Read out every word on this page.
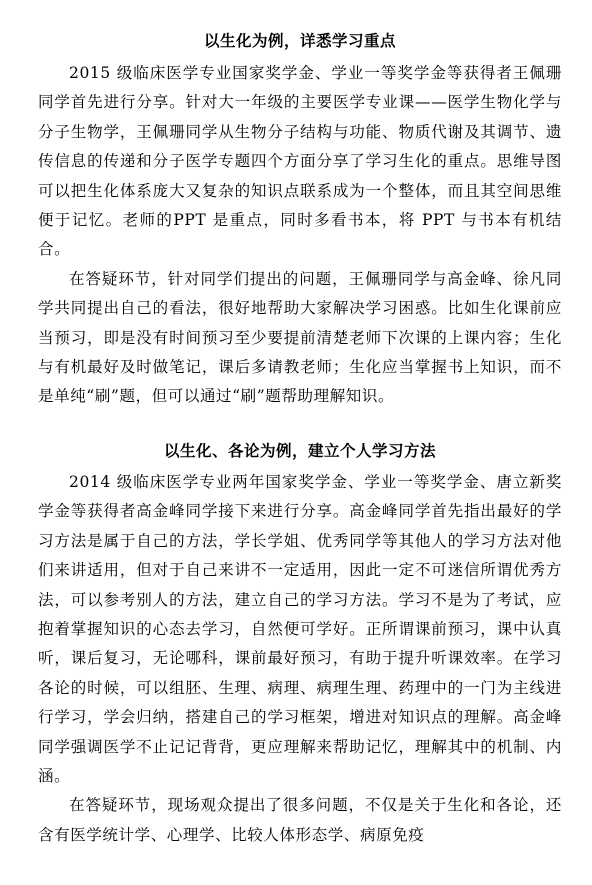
以生化为例，详悉学习重点

2015 级临床医学专业国家奖学金、学业一等奖学金等获得者王佩珊同学首先进行分享。针对大一年级的主要医学专业课——医学生物化学与分子生物学，王佩珊同学从生物分子结构与功能、物质代谢及其调节、遗传信息的传递和分子医学专题四个方面分享了学习生化的重点。思维导图可以把生化体系庞大又复杂的知识点联系成为一个整体，而且其空间思维便于记忆。老师的PPT 是重点，同时多看书本，将 PPT 与书本有机结合。

在答疑环节，针对同学们提出的问题，王佩珊同学与高金峰、徐凡同学共同提出自己的看法，很好地帮助大家解决学习困惑。比如生化课前应当预习，即是没有时间预习至少要提前清楚老师下次课的上课内容；生化与有机最好及时做笔记，课后多请教老师；生化应当掌握书上知识，而不是单纯“刷”题，但可以通过“刷”题帮助理解知识。

以生化、各论为例，建立个人学习方法

2014 级临床医学专业两年国家奖学金、学业一等奖学金、唐立新奖学金等获得者高金峰同学接下来进行分享。高金峰同学首先指出最好的学习方法是属于自己的方法，学长学姐、优秀同学等其他人的学习方法对他们来讲适用，但对于自己来讲不一定适用，因此一定不可迷信所谓优秀方法，可以参考别人的方法，建立自己的学习方法。学习不是为了考试，应抱着掌握知识的心态去学习，自然便可学好。正所谓课前预习，课中认真听，课后复习，无论哪科，课前最好预习，有助于提升听课效率。在学习各论的时候，可以组胚、生理、病理、病理生理、药理中的一门为主线进行学习，学会归纳，搭建自己的学习框架，增进对知识点的理解。高金峰同学强调医学不止记记背背，更应理解来帮助记忆，理解其中的机制、内涵。

在答疑环节，现场观众提出了很多问题，不仅是关于生化和各论，还含有医学统计学、心理学、比较人体形态学、病原免疫
